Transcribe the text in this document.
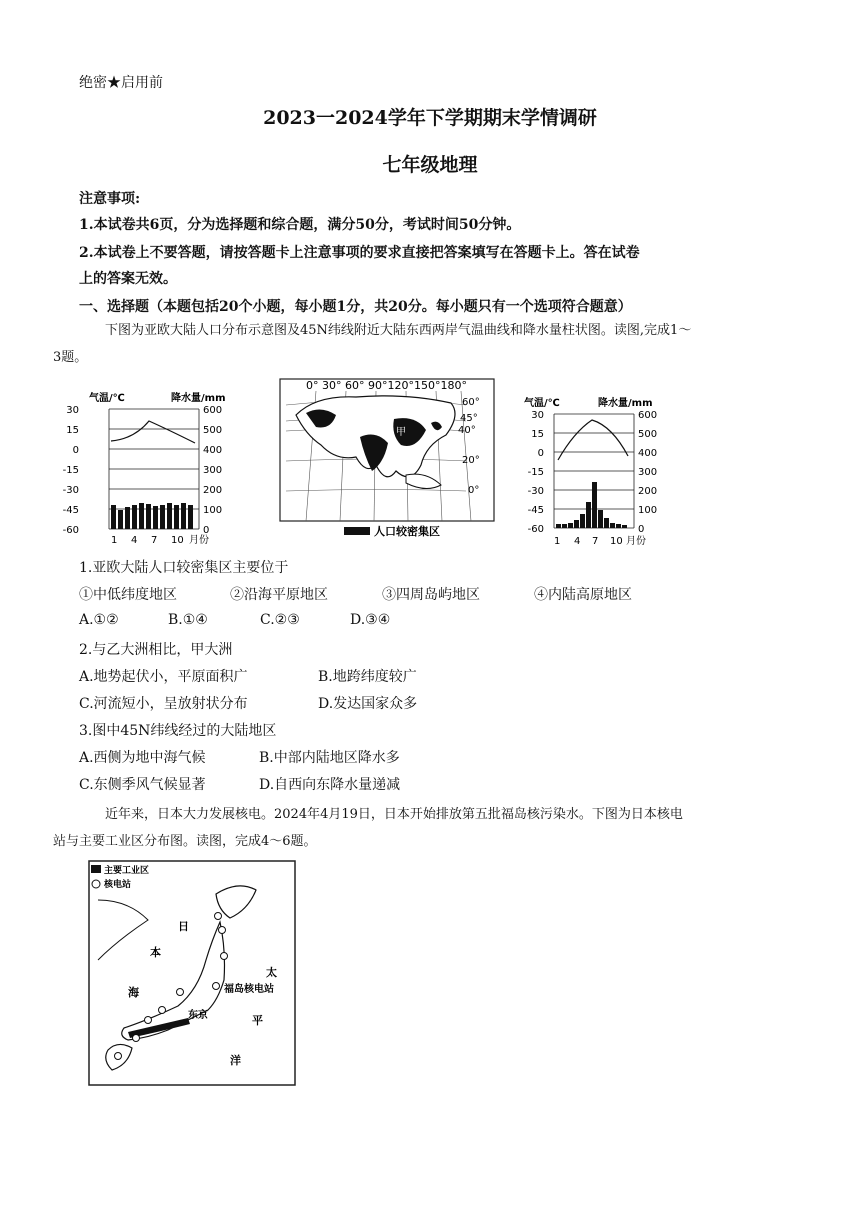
绝密★启用前
2023一2024学年下学期期末学情调研
七年级地理
注意事项:
1.本试卷共6页，分为选择题和综合题，满分50分，考试时间50分钟。
2.本试卷上不要答题，请按答题卡上注意事项的要求直接把答案填写在答题卡上。答在试卷
上的答案无效。
一、选择题（本题包括20个小题，每小题1分，共20分。每小题只有一个选项符合题意）
下图为亚欧大陆人口分布示意图及45N纬线附近大陆东西两岸气温曲线和降水量柱状图。读图,完成1～
3题。
气温/℃	降水量/mm
30
15
0
-15
-30
-45
-60
600
500
400
300
200
100
0
1 4 7 10 月份
0° 30° 60° 90°120°150°180°
甲
60°
45°
40°
20°
0°
人口较密集区
气温/℃	降水量/mm
30
15
0
-15
-30
-45
-60
600
500
400
300
200
100
0
1 4 7 10 月份
1.亚欧大陆人口较密集区主要位于
①中低纬度地区	②沿海平原地区	③四周岛屿地区	④内陆高原地区
A.①②	B.①④	C.②③	D.③④
2.与乙大洲相比，甲大洲
A.地势起伏小，平原面积广	B.地跨纬度较广
C.河流短小，呈放射状分布	D.发达国家众多
3.图中45N纬线经过的大陆地区
A.西侧为地中海气候	B.中部内陆地区降水多
C.东侧季风气候显著	D.自西向东降水量递减
近年来，日本大力发展核电。2024年4月19日，日本开始排放第五批福岛核污染水。下图为日本核电
站与主要工业区分布图。读图，完成4～6题。
主要工业区
核电站
日
本
海
太
平
洋
福岛核电站
东京
